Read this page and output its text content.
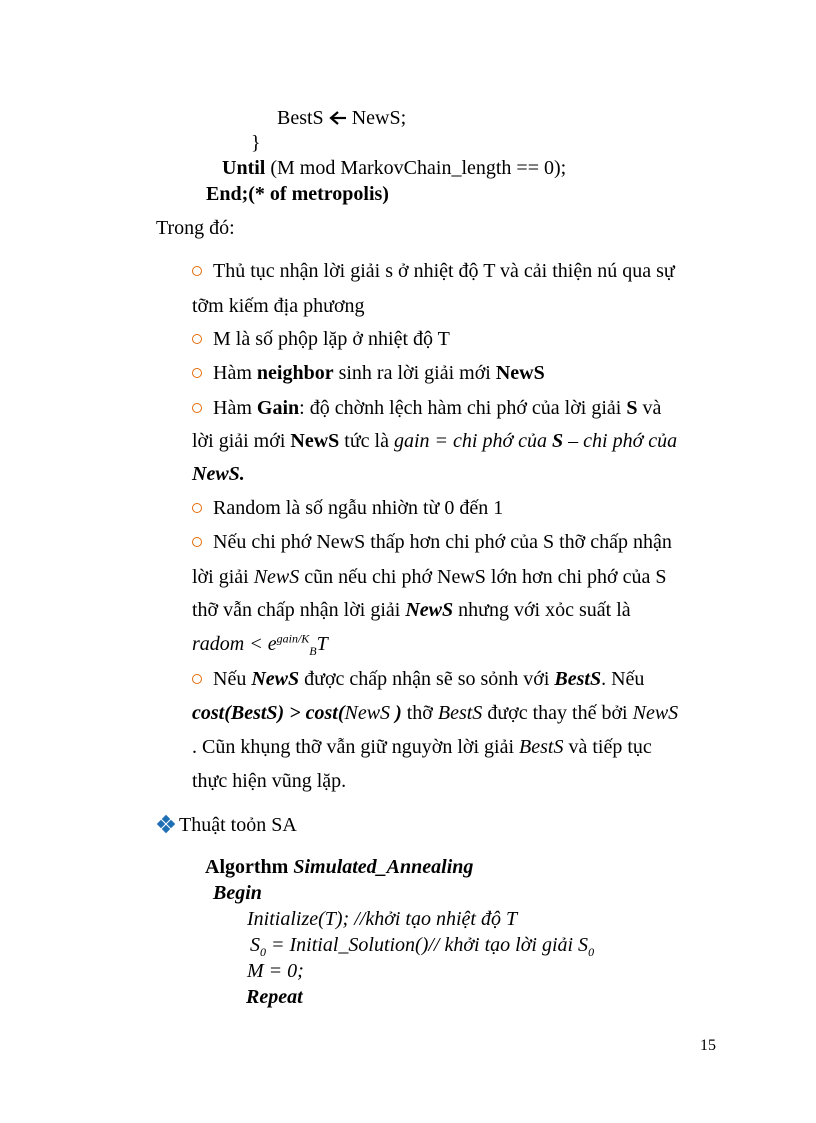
BestS NewS;
}
Until (M mod MarkovChain_length == 0);
End;(* of metropolis)
Trong đó:
Thủ tục nhận lời giải s ở nhiệt độ T và cải thiện nú qua sự
tỡm kiếm địa phương
M là số phộp lặp ở nhiệt độ T
Hàm neighbor sinh ra lời giải mới NewS
Hàm Gain: độ chờnh lệch hàm chi phớ của lời giải S và
lời giải mới NewS tức là gain = chi phớ của S – chi phớ của
NewS.
Random là số ngẫu nhiờn từ 0 đến 1
Nếu chi phớ NewS thấp hơn chi phớ của S thỡ chấp nhận
lời giải NewS cũn nếu chi phớ NewS lớn hơn chi phớ của S
thỡ vẫn chấp nhận lời giải NewS nhưng với xỏc suất là
radom < $e^{gain/K}_BT$
Nếu NewS được chấp nhận sẽ so sỏnh với BestS. Nếu
cost(BestS) > cost(NewS ) thỡ BestS được thay thế bởi NewS
. Cũn khụng thỡ vẫn giữ nguyờn lời giải BestS và tiếp tục
thực hiện vũng lặp.
Thuật toỏn SA
Algorthm Simulated_Annealing
Begin
Initialize(T); //khởi tạo nhiệt độ T
$S_0$ = Initial_Solution()// khởi tạo lời giải $S_0$
M = 0;
Repeat
15
